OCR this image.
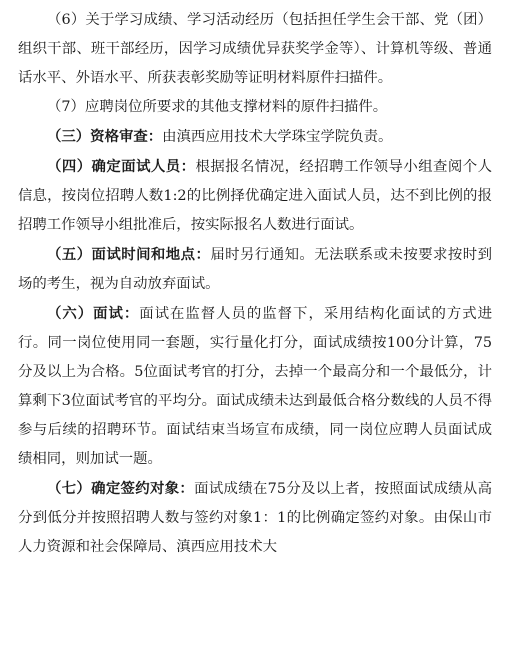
（6）关于学习成绩、学习活动经历（包括担任学生会干部、党（团）组织干部、班干部经历，因学习成绩优异获奖学金等）、计算机等级、普通话水平、外语水平、所获表彰奖励等证明材料原件扫描件。

（7）应聘岗位所要求的其他支撑材料的原件扫描件。

（三）资格审查：由滇西应用技术大学珠宝学院负责。

（四）确定面试人员：根据报名情况，经招聘工作领导小组查阅个人信息，按岗位招聘人数1:2的比例择优确定进入面试人员，达不到比例的报招聘工作领导小组批准后，按实际报名人数进行面试。

（五）面试时间和地点：届时另行通知。无法联系或未按要求按时到场的考生，视为自动放弃面试。

（六）面试：面试在监督人员的监督下，采用结构化面试的方式进行。同一岗位使用同一套题，实行量化打分，面试成绩按100分计算，75分及以上为合格。5位面试考官的打分，去掉一个最高分和一个最低分，计算剩下3位面试考官的平均分。面试成绩未达到最低合格分数线的人员不得参与后续的招聘环节。面试结束当场宣布成绩，同一岗位应聘人员面试成绩相同，则加试一题。

（七）确定签约对象：面试成绩在75分及以上者，按照面试成绩从高分到低分并按照招聘人数与签约对象1：1的比例确定签约对象。由保山市人力资源和社会保障局、滇西应用技术大
